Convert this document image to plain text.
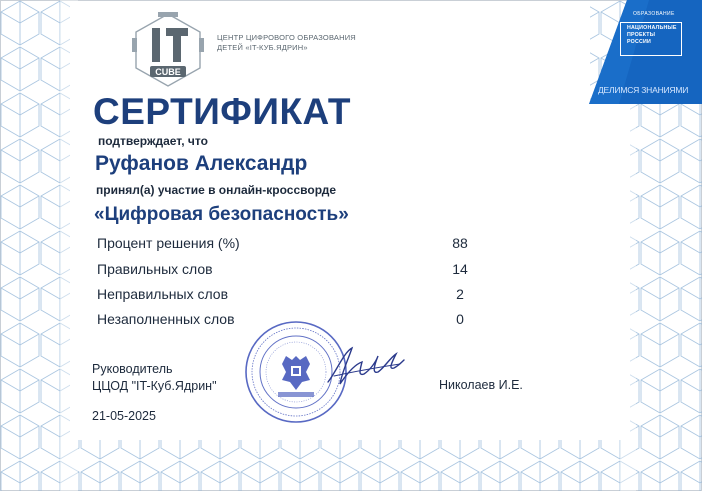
CUBE
ЦЕНТР ЦИФРОВОГО ОБРАЗОВАНИЯ
ДЕТЕЙ «IT-КУБ.ЯДРИН»
ОБРАЗОВАНИЕ
НАЦИОНАЛЬНЫЕ
ПРОЕКТЫ
РОССИИ
ДЕЛИМСЯ ЗНАНИЯМИ
СЕРТИФИКАТ
подтверждает, что
Руфанов Александр
принял(а) участие в онлайн-кроссворде
«Цифровая безопасность»
Процент решения (%)	88
Правильных слов	14
Неправильных слов	2
Незаполненных слов	0
Руководитель
ЦЦОД "IT-Куб.Ядрин"	Николаев И.Е.
21-05-2025
